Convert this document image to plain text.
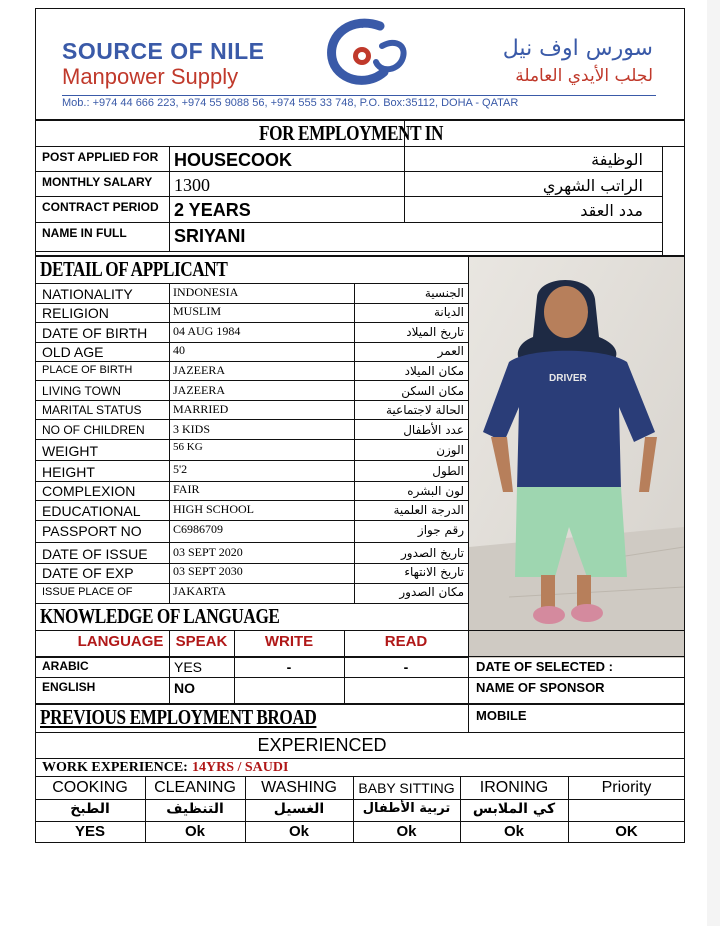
SOURCE OF NILE
Manpower Supply
سورس اوف نيل
لجلب الأيدي العاملة
Mob.: +974 44 666 223, +974 55 9088 56, +974 555 33 748, P.O. Box:35112, DOHA - QATAR
FOR EMPLOYMENT IN
POST APPLIED FOR HOUSECOOK	الوظيفة
MONTHLY SALARY 1300	الراتب الشهري
CONTRACT PERIOD 2 YEARS	مدد العقد
NAME IN FULL	SRIYANI
DETAIL OF APPLICANT
NATIONALITY	INDONESIA	الجنسية
RELIGION	MUSLIM	الديانة
DATE OF BIRTH 04 AUG 1984	تاريخ الميلاد
OLD AGE	40	العمر
PLACE OF BIRTH	JAZEERA	مكان الميلاد
LIVING TOWN	JAZEERA	مكان السكن
MARITAL STATUS	MARRIED	الحالة لاجتماعية
NO OF CHILDREN 3 KIDS	عدد الأطفال
WEIGHT	56 KG	الوزن
HEIGHT	5'2	الطول
COMPLEXION	FAIR	لون البشره
EDUCATIONAL	HIGH SCHOOL	الدرجة العلمية
PASSPORT NO	C6986709	رقم جواز
DATE OF ISSUE 03 SEPT 2020	تاريخ الصدور
DATE OF EXP	03 SEPT 2030	تاريخ الانتهاء
ISSUE PLACE OF	JAKARTA	مكان الصدور
DRIVER
KNOWLEDGE OF LANGUAGE
LANGUAGE SPEAK	WRITE	READ
ARABIC	YES	-	-
ENGLISH	NO
DATE OF SELECTED :
NAME OF SPONSOR
PREVIOUS EMPLOYMENT BROAD	MOBILE
EXPERIENCED
WORK EXPERIENCE: 14YRS / SAUDI
COOKING	CLEANING	WASHING	BABY SITTING	IRONING	Priority
الطبخ	التنظيف	الغسيل	تربية الأطفال	كي الملابس
YES	Ok	Ok	Ok	Ok	OK
